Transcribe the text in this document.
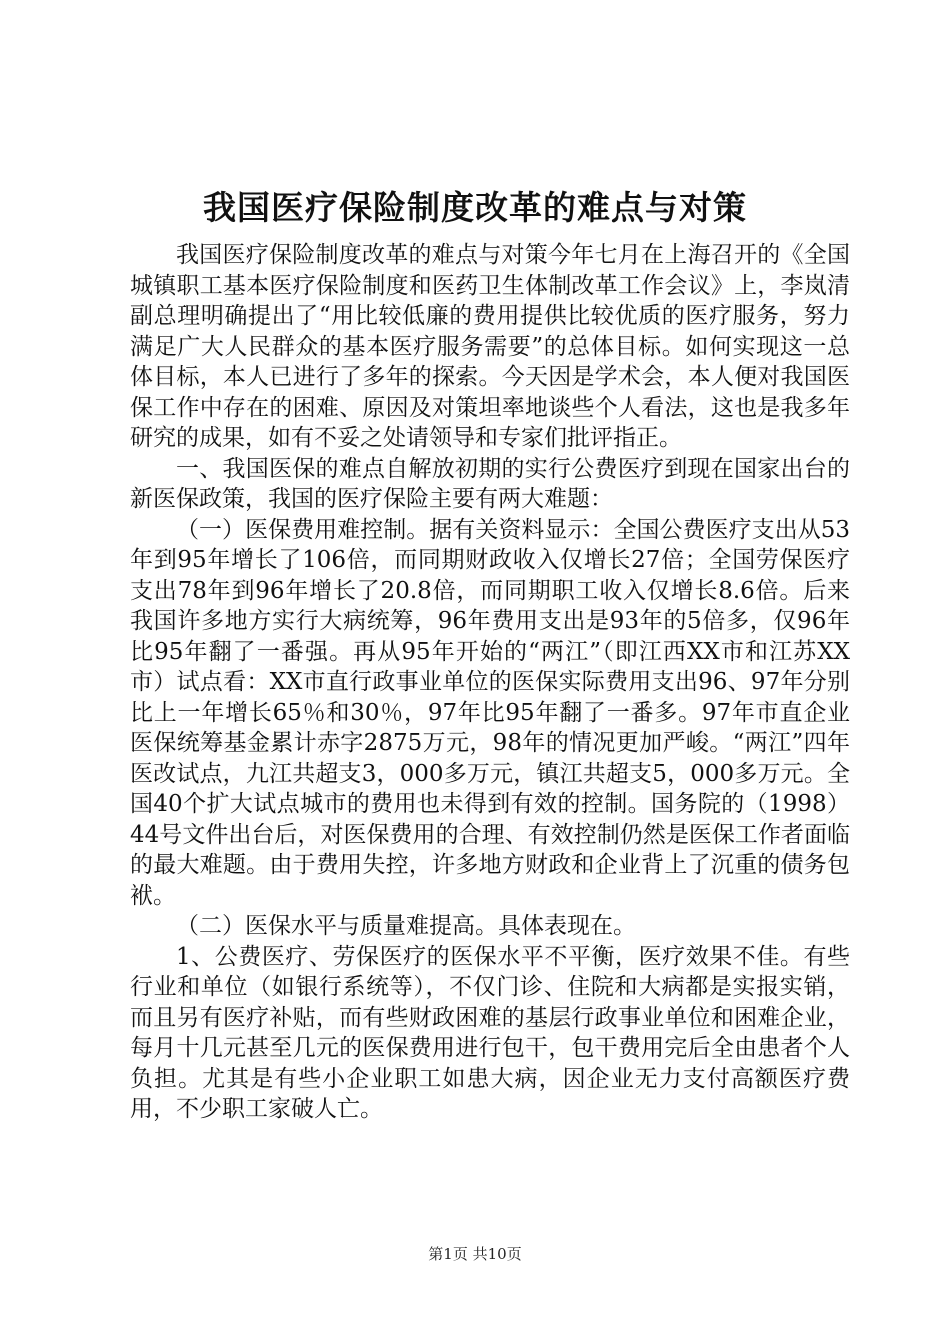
我国医疗保险制度改革的难点与对策

我国医疗保险制度改革的难点与对策今年七月在上海召开的《全国城镇职工基本医疗保险制度和医药卫生体制改革工作会议》上，李岚清副总理明确提出了“用比较低廉的费用提供比较优质的医疗服务，努力满足广大人民群众的基本医疗服务需要”的总体目标。如何实现这一总体目标，本人已进行了多年的探索。今天因是学术会，本人便对我国医保工作中存在的困难、原因及对策坦率地谈些个人看法，这也是我多年研究的成果，如有不妥之处请领导和专家们批评指正。

一、我国医保的难点自解放初期的实行公费医疗到现在国家出台的新医保政策，我国的医疗保险主要有两大难题：

（一）医保费用难控制。据有关资料显示：全国公费医疗支出从53年到95年增长了106倍，而同期财政收入仅增长27倍；全国劳保医疗支出78年到96年增长了20.8倍，而同期职工收入仅增长8.6倍。后来我国许多地方实行大病统筹，96年费用支出是93年的5倍多，仅96年比95年翻了一番强。再从95年开始的“两江”（即江西XX市和江苏XX市）试点看：XX市直行政事业单位的医保实际费用支出96、97年分别比上一年增长65％和30％，97年比95年翻了一番多。97年市直企业医保统筹基金累计赤字2875万元，98年的情况更加严峻。“两江”四年医改试点，九江共超支3，000多万元，镇江共超支5，000多万元。全国40个扩大试点城市的费用也未得到有效的控制。国务院的（1998）44号文件出台后，对医保费用的合理、有效控制仍然是医保工作者面临的最大难题。由于费用失控，许多地方财政和企业背上了沉重的债务包袱。

（二）医保水平与质量难提高。具体表现在。

1、公费医疗、劳保医疗的医保水平不平衡，医疗效果不佳。有些行业和单位（如银行系统等），不仅门诊、住院和大病都是实报实销，而且另有医疗补贴，而有些财政困难的基层行政事业单位和困难企业，每月十几元甚至几元的医保费用进行包干，包干费用完后全由患者个人负担。尤其是有些小企业职工如患大病，因企业无力支付高额医疗费用，不少职工家破人亡。

第1页 共10页
